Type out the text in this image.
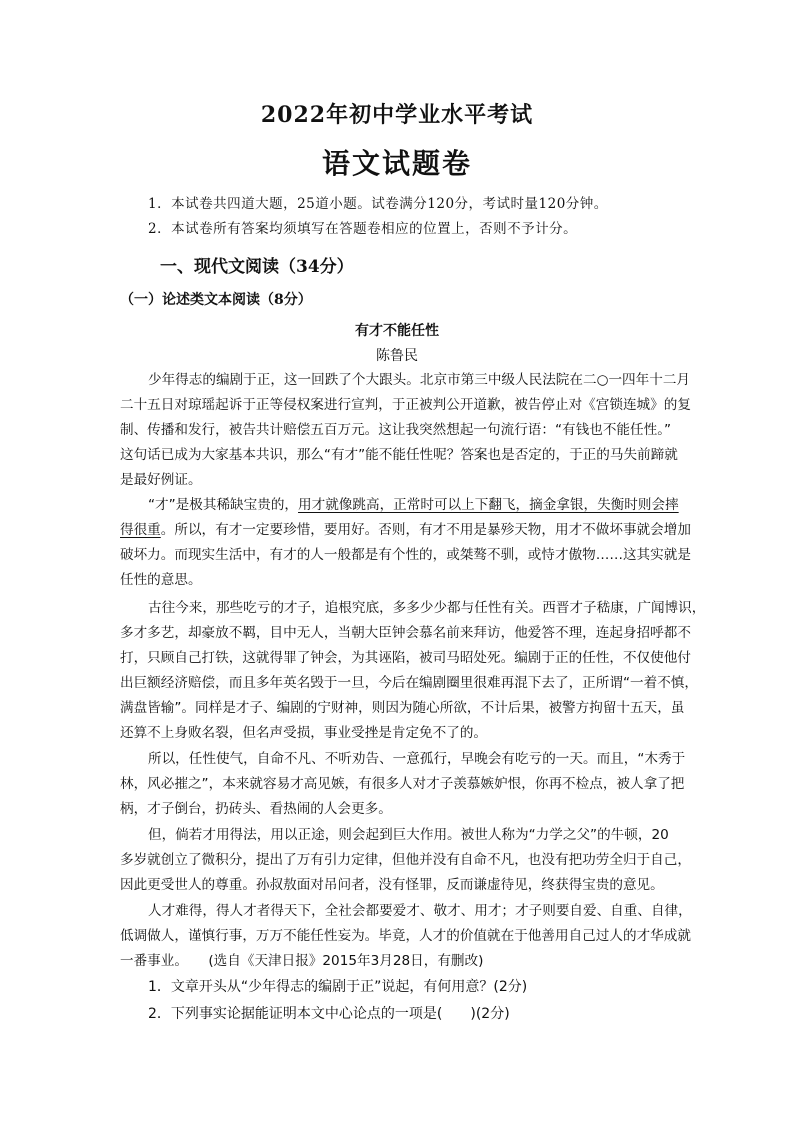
2022年初中学业水平考试
语文试题卷
1．本试卷共四道大题，25道小题。试卷满分120分，考试时量120分钟。
2．本试卷所有答案均须填写在答题卷相应的位置上，否则不予计分。
一、现代文阅读（34分）
（一）论述类文本阅读（8分）
有才不能任性
陈鲁民
少年得志的编剧于正，这一回跌了个大跟头。北京市第三中级人民法院在二○一四年十二月
二十五日对琼瑶起诉于正等侵权案进行宣判，于正被判公开道歉，被告停止对《宫锁连城》的复
制、传播和发行，被告共计赔偿五百万元。这让我突然想起一句流行语：“有钱也不能任性。”
这句话已成为大家基本共识，那么“有才”能不能任性呢？答案也是否定的，于正的马失前蹄就
是最好例证。
“才”是极其稀缺宝贵的，用才就像跳高，正常时可以上下翻飞，摘金拿银，失衡时则会摔
得很重。所以，有才一定要珍惜，要用好。否则，有才不用是暴殄天物，用才不做坏事就会增加
破坏力。而现实生活中，有才的人一般都是有个性的，或桀骜不驯，或恃才傲物……这其实就是
任性的意思。
古往今来，那些吃亏的才子，追根究底，多多少少都与任性有关。西晋才子嵇康，广闻博识，
多才多艺，却豪放不羁，目中无人，当朝大臣钟会慕名前来拜访，他爱答不理，连起身招呼都不
打，只顾自己打铁，这就得罪了钟会，为其诬陷，被司马昭处死。编剧于正的任性，不仅使他付
出巨额经济赔偿，而且多年英名毁于一旦，今后在编剧圈里很难再混下去了，正所谓“一着不慎，
满盘皆输”。同样是才子、编剧的宁财神，则因为随心所欲，不计后果，被警方拘留十五天，虽
还算不上身败名裂，但名声受损，事业受挫是肯定免不了的。
所以，任性使气，自命不凡、不听劝告、一意孤行，早晚会有吃亏的一天。而且，“木秀于
林，风必摧之”，本来就容易才高见嫉，有很多人对才子羡慕嫉妒恨，你再不检点，被人拿了把
柄，才子倒台，扔砖头、看热闹的人会更多。
但，倘若才用得法，用以正途，则会起到巨大作用。被世人称为“力学之父”的牛顿，20
多岁就创立了微积分，提出了万有引力定律，但他并没有自命不凡，也没有把功劳全归于自己，
因此更受世人的尊重。孙叔敖面对吊问者，没有怪罪，反而谦虚待见，终获得宝贵的意见。
人才难得，得人才者得天下，全社会都要爱才、敬才、用才；才子则要自爱、自重、自律，
低调做人，谨慎行事，万万不能任性妄为。毕竟，人才的价值就在于他善用自己过人的才华成就
一番事业。　　(选自《天津日报》2015年3月28日，有删改)
1．文章开头从“少年得志的编剧于正”说起，有何用意？(2分)
2．下列事实论据能证明本文中心论点的一项是(　　)(2分)
